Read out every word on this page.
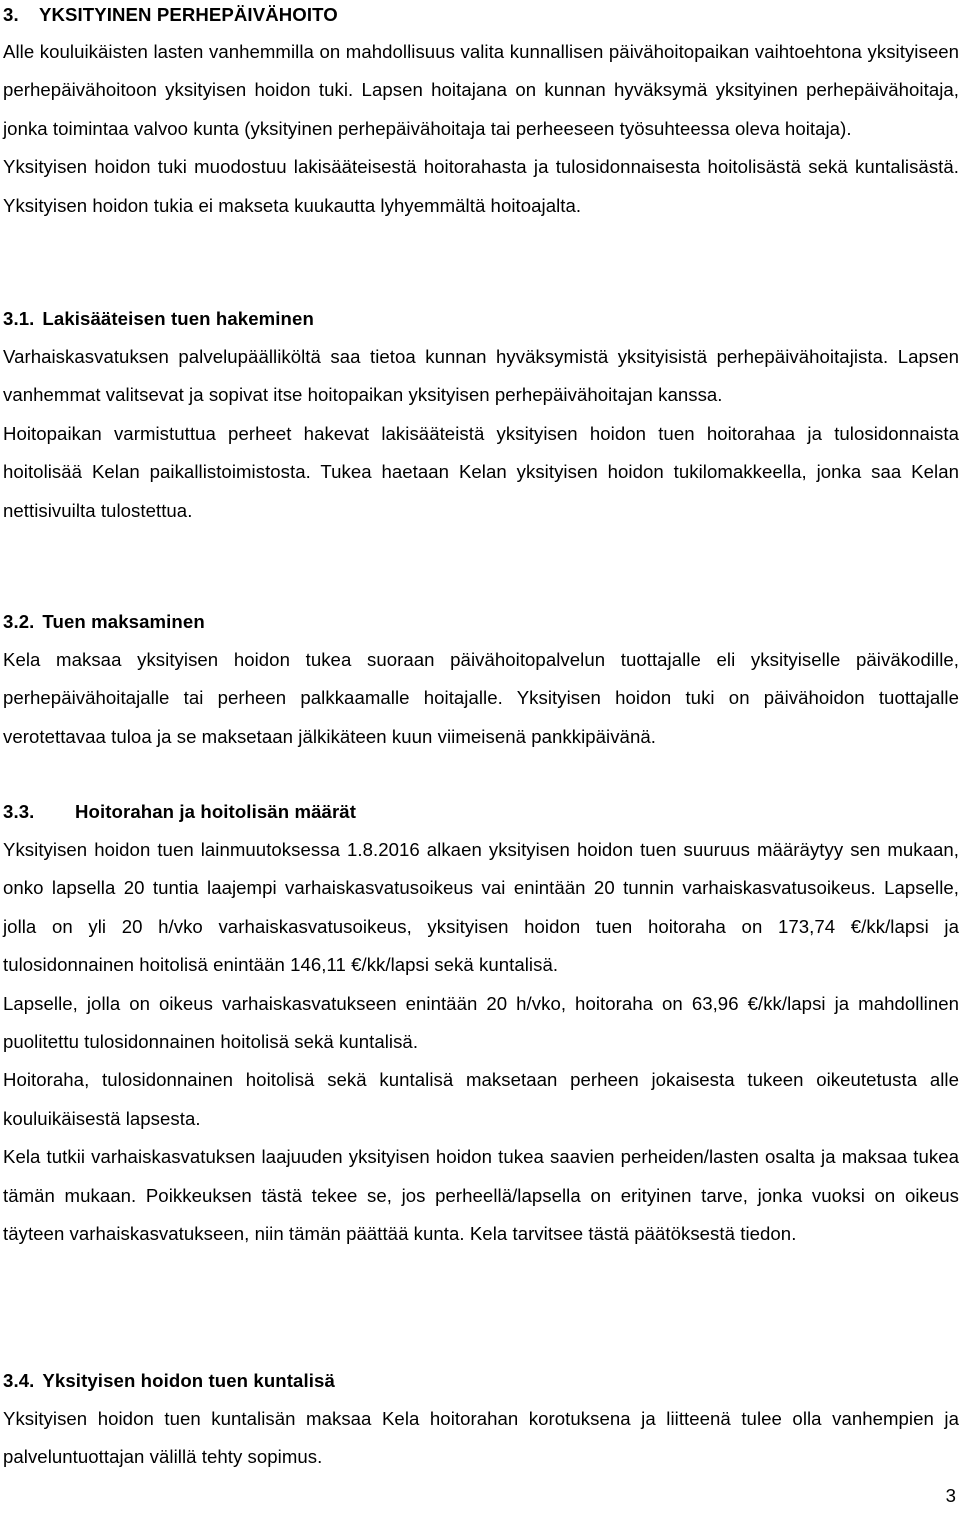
3. YKSITYINEN PERHEPÄIVÄHOITO

Alle kouluikäisten lasten vanhemmilla on mahdollisuus valita kunnallisen päivähoitopaikan vaihtoehtona yksityiseen perhepäivähoitoon yksityisen hoidon tuki. Lapsen hoitajana on kunnan hyväksymä yksityinen perhepäivähoitaja, jonka toimintaa valvoo kunta (yksityinen perhepäivähoitaja tai perheeseen työsuhteessa oleva hoitaja).

Yksityisen hoidon tuki muodostuu lakisääteisestä hoitorahasta ja tulosidonnaisesta hoitolisästä sekä kuntalisästä. Yksityisen hoidon tukia ei makseta kuukautta lyhyemmältä hoitoajalta.

3.1. Lakisääteisen tuen hakeminen

Varhaiskasvatuksen palvelupäälliköltä saa tietoa kunnan hyväksymistä yksityisistä perhepäivähoitajista. Lapsen vanhemmat valitsevat ja sopivat itse hoitopaikan yksityisen perhepäivähoitajan kanssa.

Hoitopaikan varmistuttua perheet hakevat lakisääteistä yksityisen hoidon tuen hoitorahaa ja tulosidonnaista hoitolisää Kelan paikallistoimistosta. Tukea haetaan Kelan yksityisen hoidon tukilomakkeella, jonka saa Kelan nettisivuilta tulostettua.

3.2. Tuen maksaminen

Kela maksaa yksityisen hoidon tukea suoraan päivähoitopalvelun tuottajalle eli yksityiselle päiväkodille, perhepäivähoitajalle tai perheen palkkaamalle hoitajalle. Yksityisen hoidon tuki on päivähoidon tuottajalle verotettavaa tuloa ja se maksetaan jälkikäteen kuun viimeisenä pankkipäivänä.

3.3. Hoitorahan ja hoitolisän määrät

Yksityisen hoidon tuen lainmuutoksessa 1.8.2016 alkaen yksityisen hoidon tuen suuruus määräytyy sen mukaan, onko lapsella 20 tuntia laajempi varhaiskasvatusoikeus vai enintään 20 tunnin varhaiskasvatusoikeus. Lapselle, jolla on yli 20 h/vko varhaiskasvatusoikeus, yksityisen hoidon tuen hoitoraha on 173,74 €/kk/lapsi ja tulosidonnainen hoitolisä enintään 146,11 €/kk/lapsi sekä kuntalisä.

Lapselle, jolla on oikeus varhaiskasvatukseen enintään 20 h/vko, hoitoraha on 63,96 €/kk/lapsi ja mahdollinen puolitettu tulosidonnainen hoitolisä sekä kuntalisä.

Hoitoraha, tulosidonnainen hoitolisä sekä kuntalisä maksetaan perheen jokaisesta tukeen oikeutetusta alle kouluikäisestä lapsesta.

Kela tutkii varhaiskasvatuksen laajuuden yksityisen hoidon tukea saavien perheiden/lasten osalta ja maksaa tukea tämän mukaan. Poikkeuksen tästä tekee se, jos perheellä/lapsella on erityinen tarve, jonka vuoksi on oikeus täyteen varhaiskasvatukseen, niin tämän päättää kunta. Kela tarvitsee tästä päätöksestä tiedon.

3.4. Yksityisen hoidon tuen kuntalisä

Yksityisen hoidon tuen kuntalisän maksaa Kela hoitorahan korotuksena ja liitteenä tulee olla vanhempien ja palveluntuottajan välillä tehty sopimus.

3
